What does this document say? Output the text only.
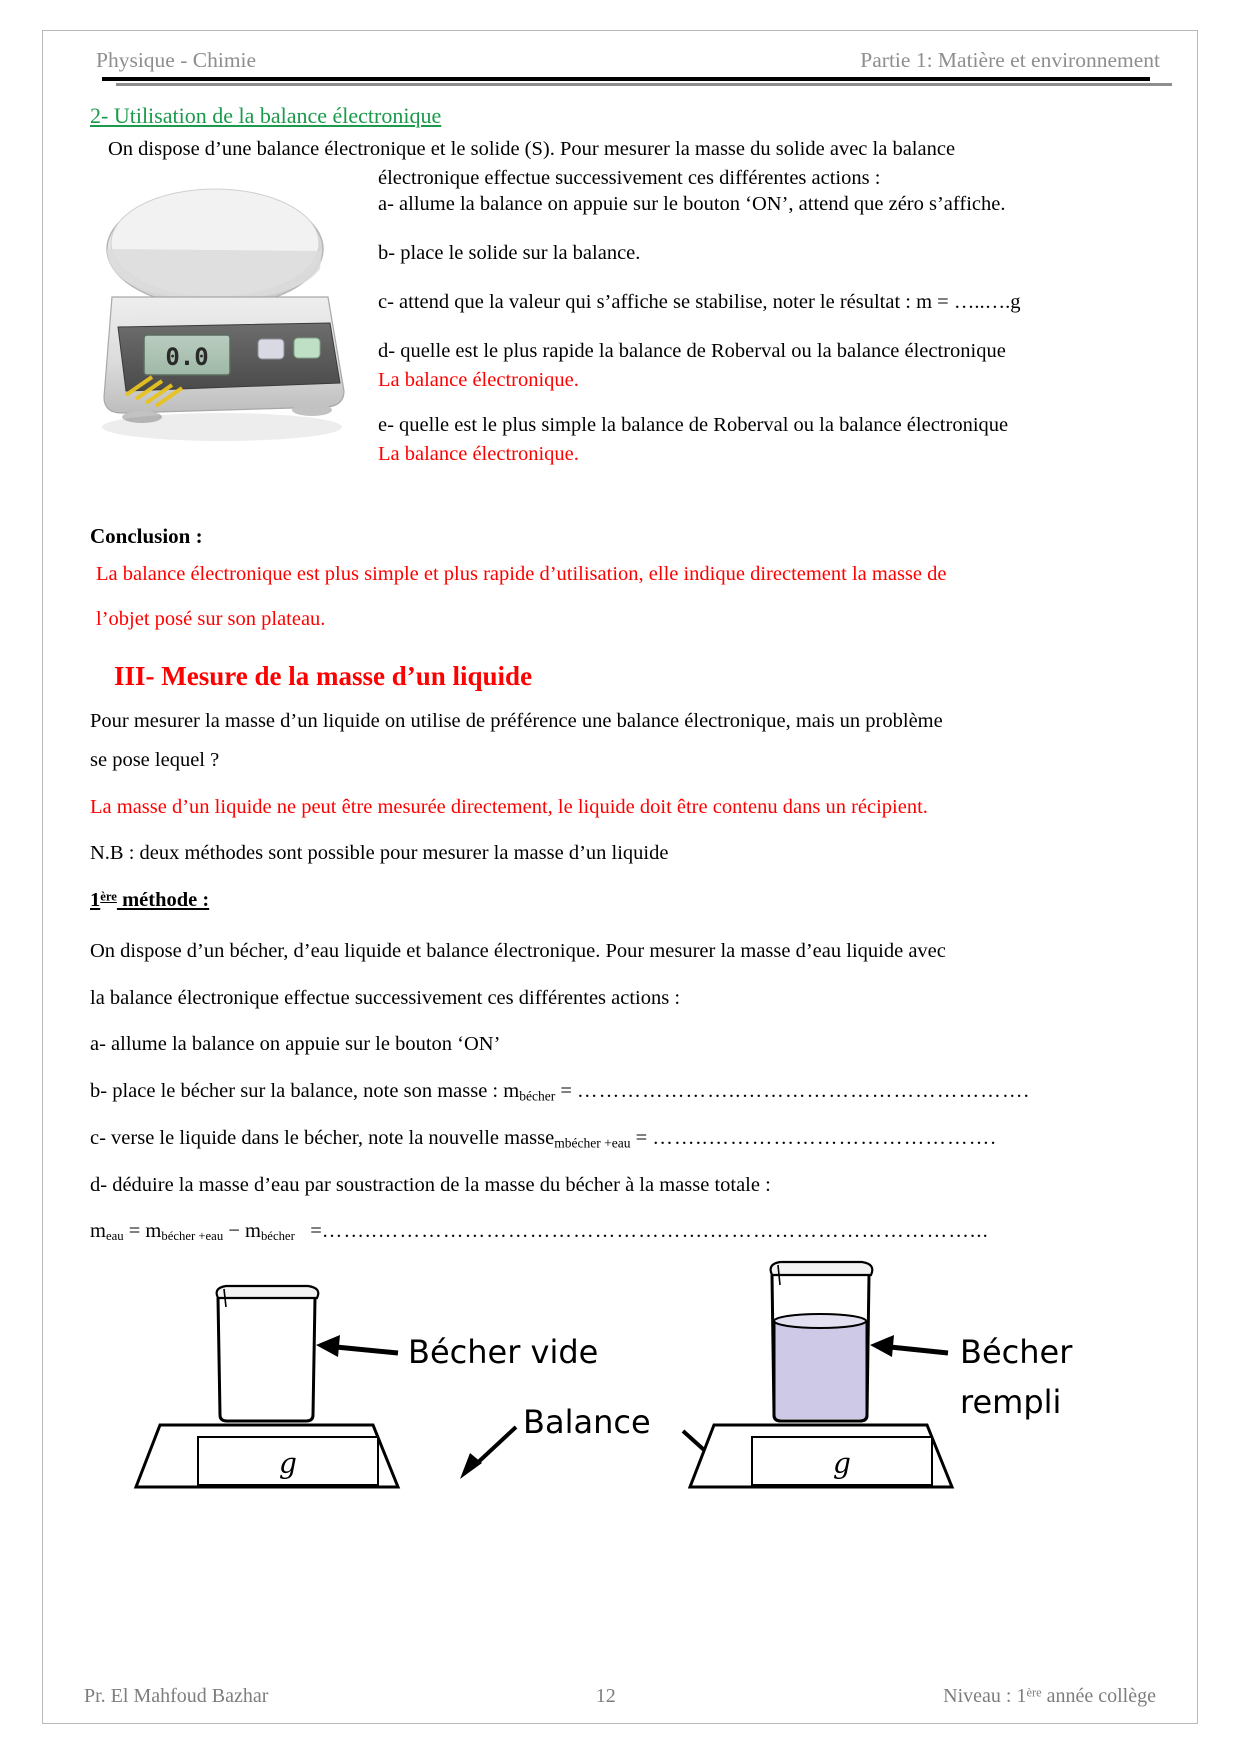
Physique - Chimie	Partie 1: Matière et environnement
2- Utilisation de la balance électronique
0.0
KERN
On dispose d’une balance électronique et le solide (S). Pour mesurer la masse du solide avec la balance
électronique effectue successivement ces différentes actions :

a- allume la balance on appuie sur le bouton ‘ON’, attend que zéro s’affiche.

b- place le solide sur la balance.

c- attend que la valeur qui s’affiche se stabilise, noter le résultat : m = …..….g

d- quelle est le plus rapide la balance de Roberval ou la balance électronique

La balance électronique.

e- quelle est le plus simple la balance de Roberval ou la balance électronique

La balance électronique.

Conclusion :

La balance électronique est plus simple et plus rapide d’utilisation, elle indique directement la masse de

l’objet posé sur son plateau.

III- Mesure de la masse d’un liquide

Pour mesurer la masse d’un liquide on utilise de préférence une balance électronique, mais un problème

se pose lequel ?

La masse d’un liquide ne peut être mesurée directement, le liquide doit être contenu dans un récipient.

N.B : deux méthodes sont possible pour mesurer la masse d’un liquide

1ère méthode :

On dispose d’un bécher, d’eau liquide et balance électronique. Pour mesurer la masse d’eau liquide avec

la balance électronique effectue successivement ces différentes actions :

a- allume la balance on appuie sur le bouton ‘ON’

b- place le bécher sur la balance, note son masse : $m_{bécher}$ = …………………..………………………………….

c- verse le liquide dans le bécher, note la nouvelle masse$_{mbécher +eau}$ = ……..………………………………….

d- déduire la masse d’eau par soustraction de la masse du bécher à la masse totale :

$m_{eau} = m_{bécher +eau} - m_{bécher}$ =……..……………………………………….………………………………...

Bécher vide
g
Balance
Bécher
rempli
g
Pr. El Mahfoud Bazhar	12	Niveau : 1ère année collège
